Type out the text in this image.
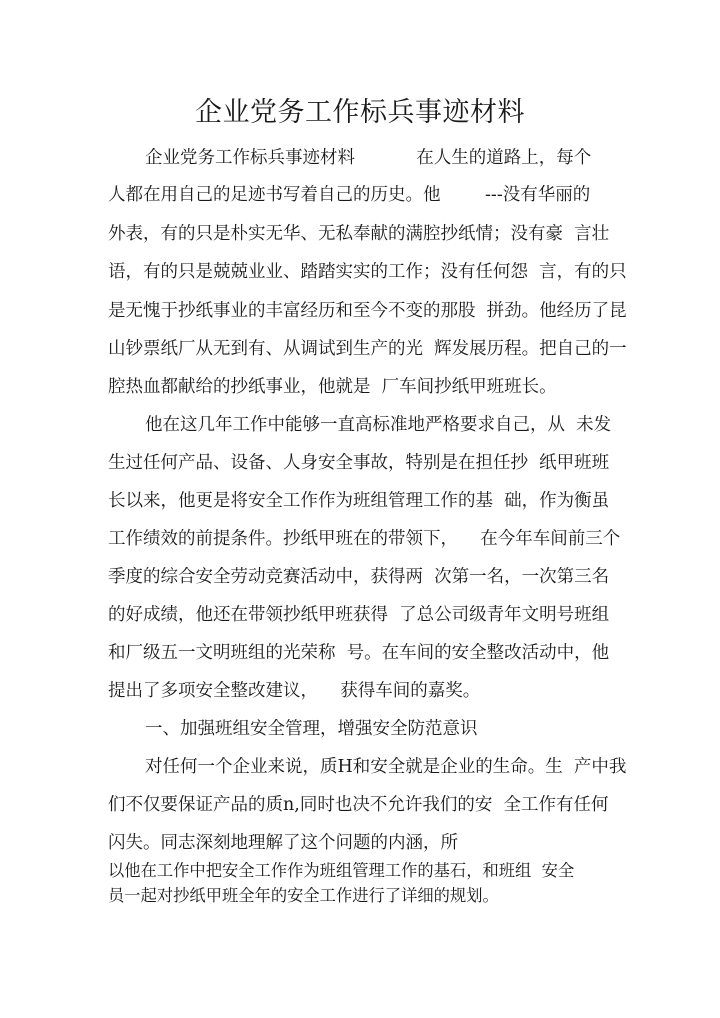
企业党务工作标兵事迹材料
企业党务工作标兵事迹材料           在人生的道路上，每个
人都在用自己的足迹书写着自己的历史。他        ---没有华丽的
外表，有的只是朴实无华、无私奉献的满腔抄纸情；没有豪  言壮
语，有的只是兢兢业业、踏踏实实的工作；没有任何怨  言，有的只
是无愧于抄纸事业的丰富经历和至今不变的那股  拼劲。他经历了昆
山钞票纸厂从无到有、从调试到生产的光  辉发展历程。把自己的一
腔热血都献给的抄纸事业，他就是  厂车间抄纸甲班班长。
他在这几年工作中能够一直高标准地严格要求自己，从  未发
生过任何产品、设备、人身安全事故，特别是在担任抄  纸甲班班
长以来，他更是将安全工作作为班组管理工作的基  础，作为衡虽
工作绩效的前提条件。抄纸甲班在的带领下，    在今年车间前三个
季度的综合安全劳动竞赛活动中，获得两  次第一名，一次第三名
的好成绩，他还在带领抄纸甲班获得  了总公司级青年文明号班组
和厂级五一文明班组的光荣称  号。在车间的安全整改活动中，他
提出了多项安全整改建议，    获得车间的嘉奖。
一、加强班组安全管理，增强安全防范意识
对任何一个企业来说，质H和安全就是企业的生命。生  产中我
们不仅要保证产品的质n,同时也决不允许我们的安  全工作有任何
闪失。同志深刻地理解了这个问题的内涵，所
以他在工作中把安全工作作为班组管理工作的基石，和班组  安全
员一起对抄纸甲班全年的安全工作进行了详细的规划。
